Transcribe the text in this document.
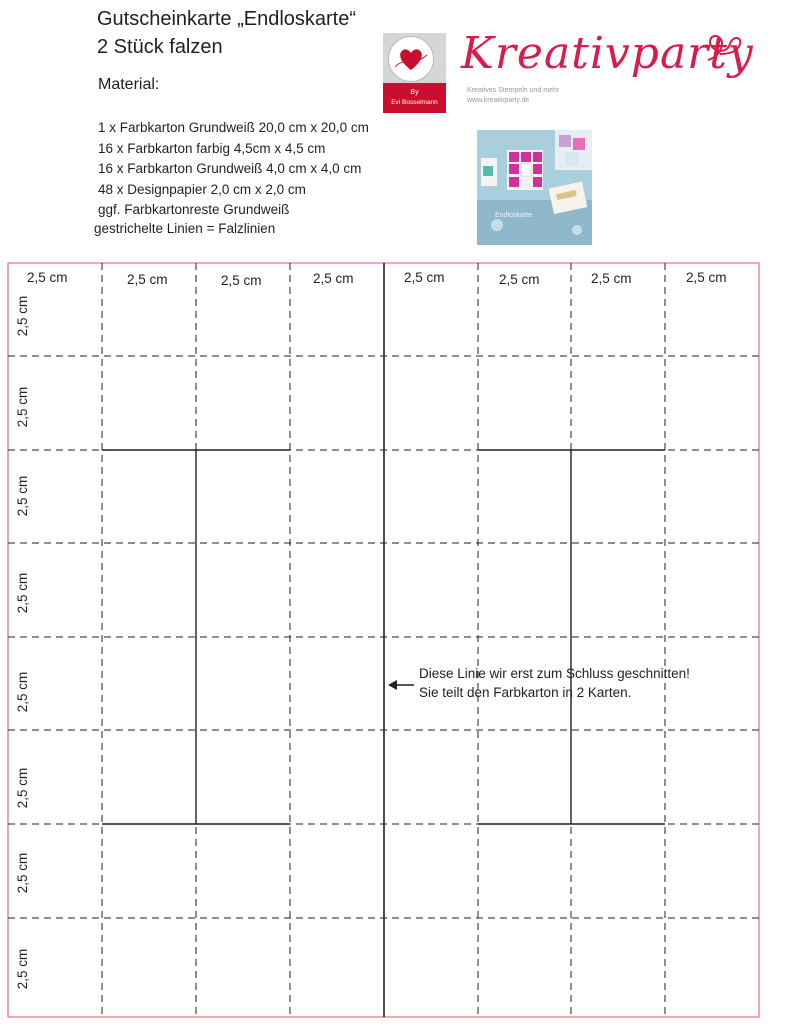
Gutscheinkarte „Endloskarte“
2 Stück falzen
Material:
1 x Farbkarton Grundweiß 20,0 cm x 20,0 cm
16 x Farbkarton farbig 4,5cm x 4,5 cm
16 x Farbkarton Grundweiß 4,0 cm x 4,0 cm
48 x Designpapier 2,0 cm x 2,0 cm
ggf. Farbkartonreste Grundweiß
gestrichelte Linien = Falzlinien
By
Evi Bosselmann
Kreativparty
Kreatives Stempeln und mehr
www.kreativparty.de
Endloskarte
2,5 cm	2,5 cm	2,5 cm	2,5 cm	2,5 cm	2,5 cm	2,5 cm	2,5 cm
2,5 cm
2,5 cm
2,5 cm
2,5 cm
2,5 cm
2,5 cm
2,5 cm
2,5 cm
Diese Linie wir erst zum Schluss geschnitten!
Sie teilt den Farbkarton in 2 Karten.
